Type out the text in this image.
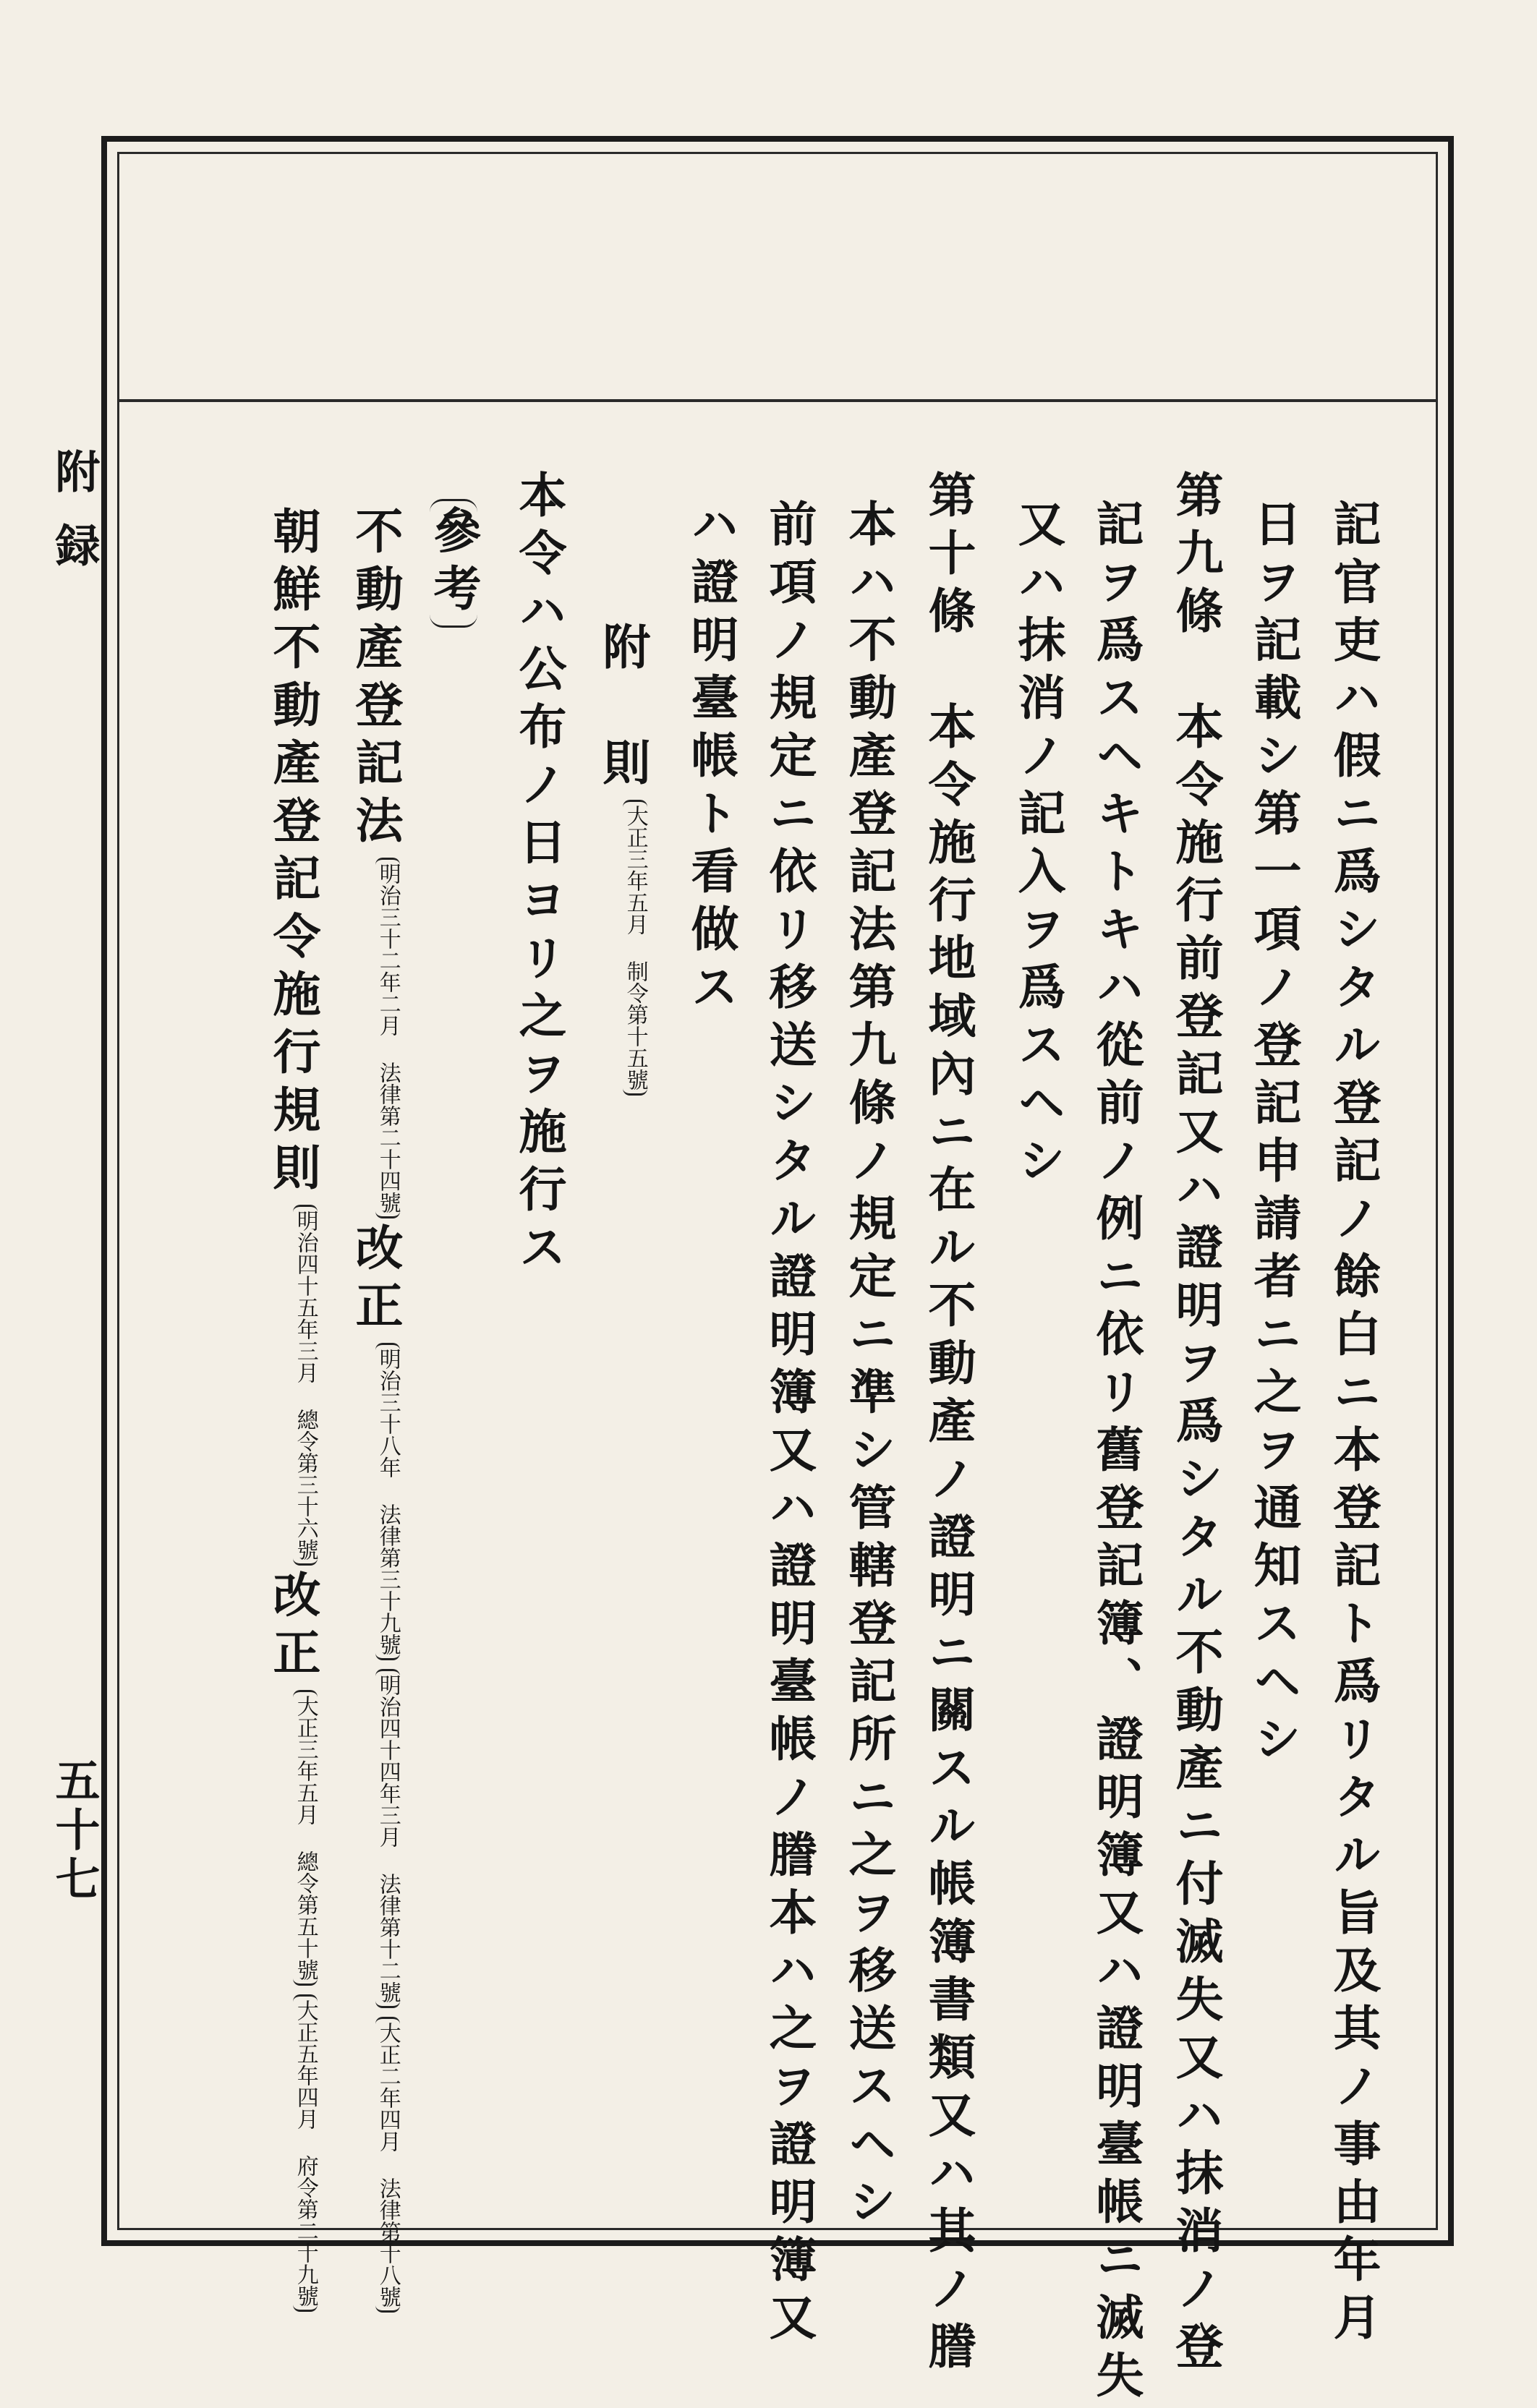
附録
五十七	記官吏ハ假ニ爲シタル登記ノ餘白ニ本登記ト爲リタル旨及其ノ事由年月
日ヲ記載シ第一項ノ登記申請者ニ之ヲ通知スヘシ
第九條　本令施行前登記又ハ證明ヲ爲シタル不動產ニ付滅失又ハ抹消ノ登
記ヲ爲スヘキトキハ從前ノ例ニ依リ舊登記簿、證明簿又ハ證明臺帳ニ滅失
又ハ抹消ノ記入ヲ爲スヘシ
第十條　本令施行地域內ニ在ル不動產ノ證明ニ關スル帳簿書類又ハ其ノ謄
本ハ不動產登記法第九條ノ規定ニ準シ管轄登記所ニ之ヲ移送スヘシ
前項ノ規定ニ依リ移送シタル證明簿又ハ證明臺帳ノ謄本ハ之ヲ證明簿又
ハ證明臺帳ト看做ス
附　則大正三年五月 制令第十五號
本令ハ公布ノ日ヨリ之ヲ施行ス
參考
不動產登記法明治三十二年二月 法律第二十四號改正明治三十八年 法律第三十九號明治四十四年三月 法律第十二號大正二年四月 法律第十八號
朝鮮不動產登記令施行規則明治四十五年三月 總令第三十六號改正大正三年五月 總令第五十號大正五年四月 府令第二十九號
